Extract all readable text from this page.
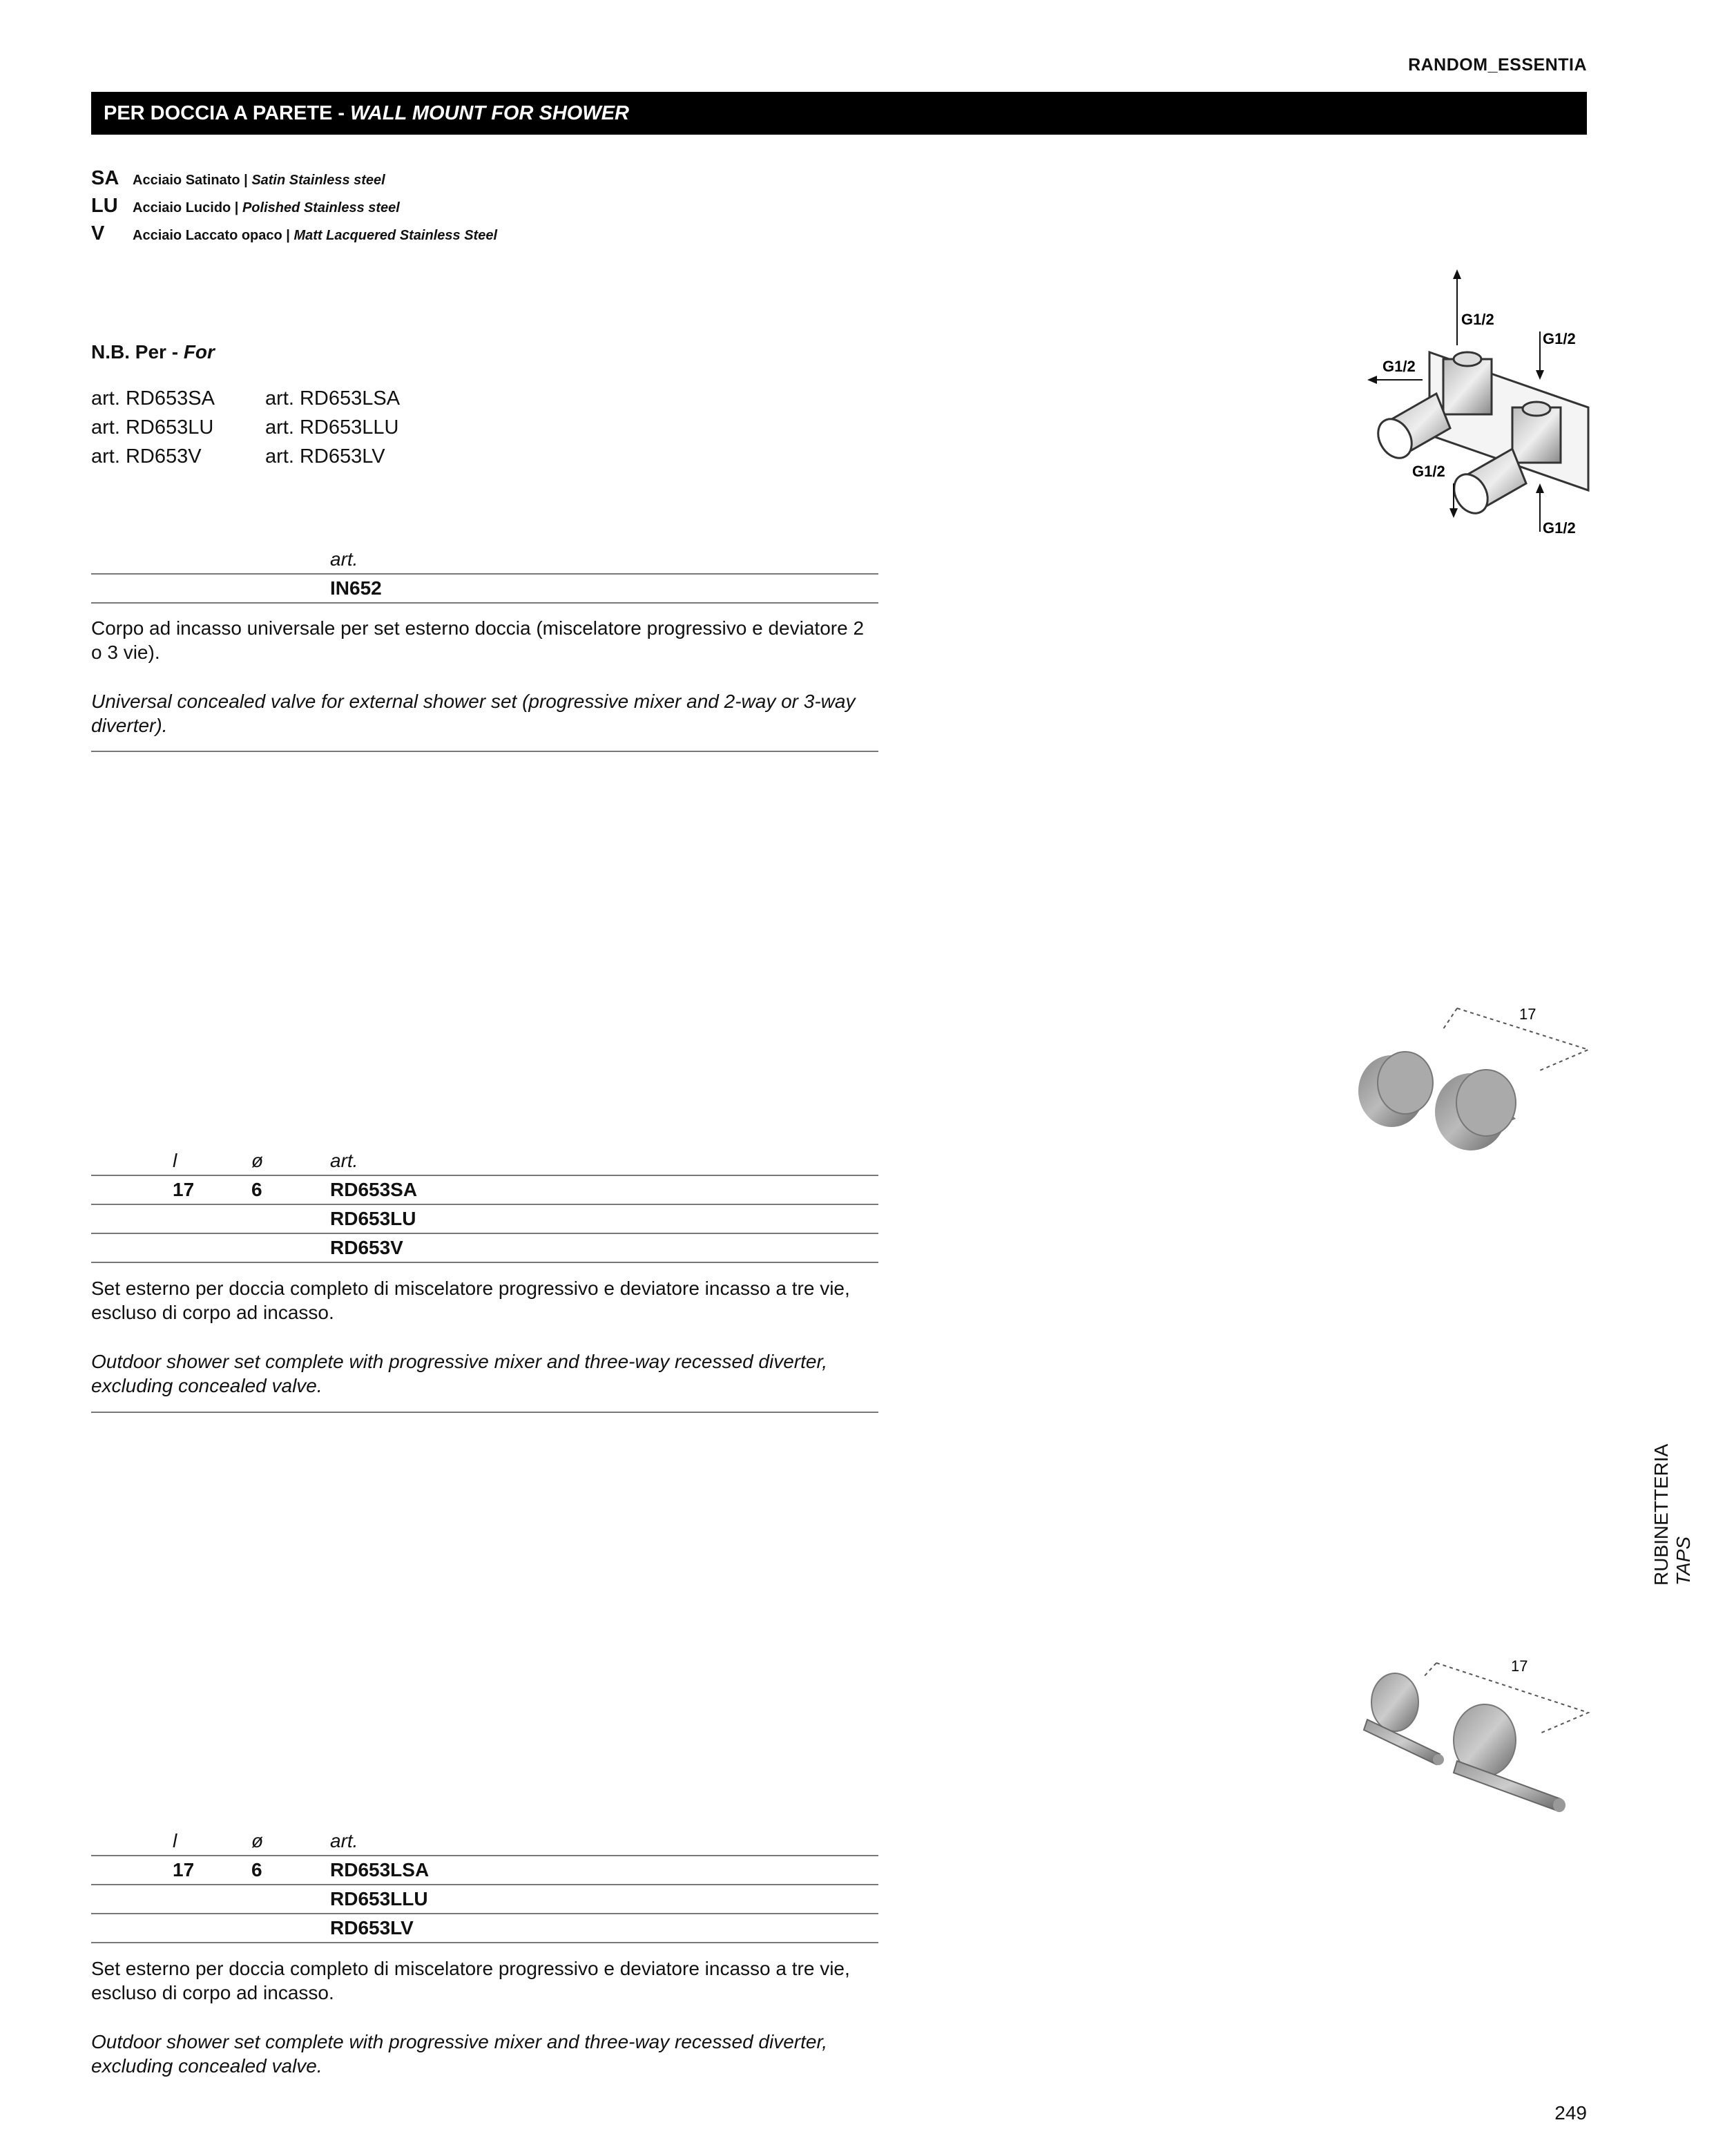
RANDOM_ESSENTIA
PER DOCCIA A PARETE - WALL MOUNT FOR SHOWER
SA Acciaio Satinato | Satin Stainless steel
LU	Acciaio Lucido | Polished Stainless steel
V	Acciaio Laccato opaco | Matt Lacquered Stainless Steel
N.B. Per - For
art. RD653SA	art. RD653LSA
art. RD653LU	art. RD653LLU
art. RD653V	art. RD653LV
art.
IN652

Corpo ad incasso universale per set esterno doccia (miscelatore progressivo e deviatore 2 o 3 vie).

Universal concealed valve for external shower set (progressive mixer and 2-way or 3-way diverter).

l	ø	art.
17	6	RD653SA
RD653LU
RD653V

Set esterno per doccia completo di miscelatore progressivo e deviatore incasso a tre vie, escluso di corpo ad incasso.

Outdoor shower set complete with progressive mixer and three-way recessed diverter, excluding concealed valve.

l	ø	art.
17	6	RD653LSA
RD653LLU
RD653LV

Set esterno per doccia completo di miscelatore progressivo e deviatore incasso a tre vie, escluso di corpo ad incasso.

Outdoor shower set complete with progressive mixer and three-way recessed diverter, excluding concealed valve.

G1/2
G1/2
G1/2
G1/2
G1/2
17
17
RUBINETTERIA TAPS
249
